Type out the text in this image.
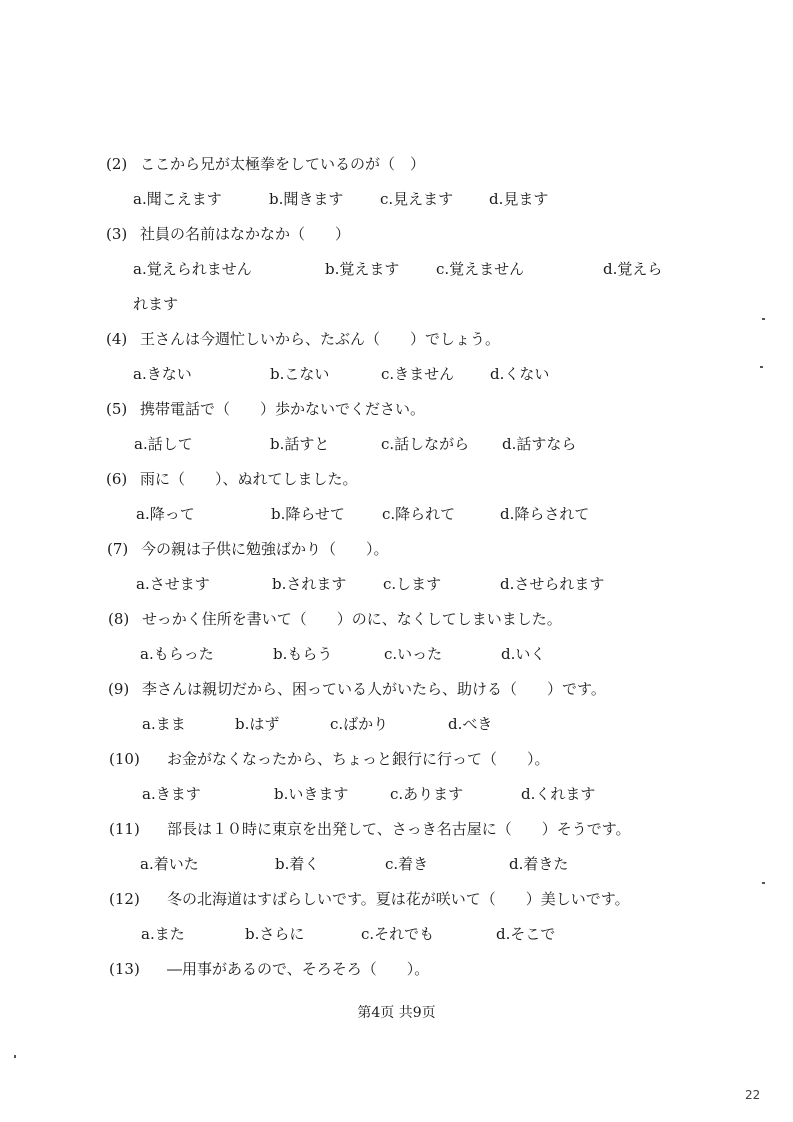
(2) ここから兄が太極拳をしているのが（　）
a.聞こえます	b.聞きます c.見えます d.見ます
(3) 社員の名前はなかなか（　　）
a.覚えられません	b.覚えます c.覚えません	d.覚えら
れます
(4) 王さんは今週忙しいから、たぶん（　　）でしょう。
a.きない	b.こない	c.きません d.くない
(5) 携帯電話で（　　）歩かないでください。
a.話して	b.話すと	c.話しながら d.話すなら
(6) 雨に（　　）、ぬれてしました。
a.降って	b.降らせて c.降られて	d.降らされて
(7) 今の親は子供に勉強ばかり（　　）。
a.させます	b.されます c.します	d.させられます
(8) せっかく住所を書いて（　　）のに、なくしてしまいました。
a.もらった	b.もらう	c.いった	d.いく
(9) 李さんは親切だから、困っている人がいたら、助ける（　　）です。
a.まま	b.はず	c.ばかり	d.べき
(10) お金がなくなったから、ちょっと銀行に行って（　　）。
a.きます	b.いきます	c.あります	d.くれます
(11) 部長は１０時に東京を出発して、さっき名古屋に（　　）そうです。
a.着いた	b.着く	c.着き	d.着きた
(12) 冬の北海道はすばらしいです。夏は花が咲いて（　　）美しいです。
a.また	b.さらに	c.それでも	d.そこで
(13) ―用事があるので、そろそろ（　　）。
第4页 共9页
22
